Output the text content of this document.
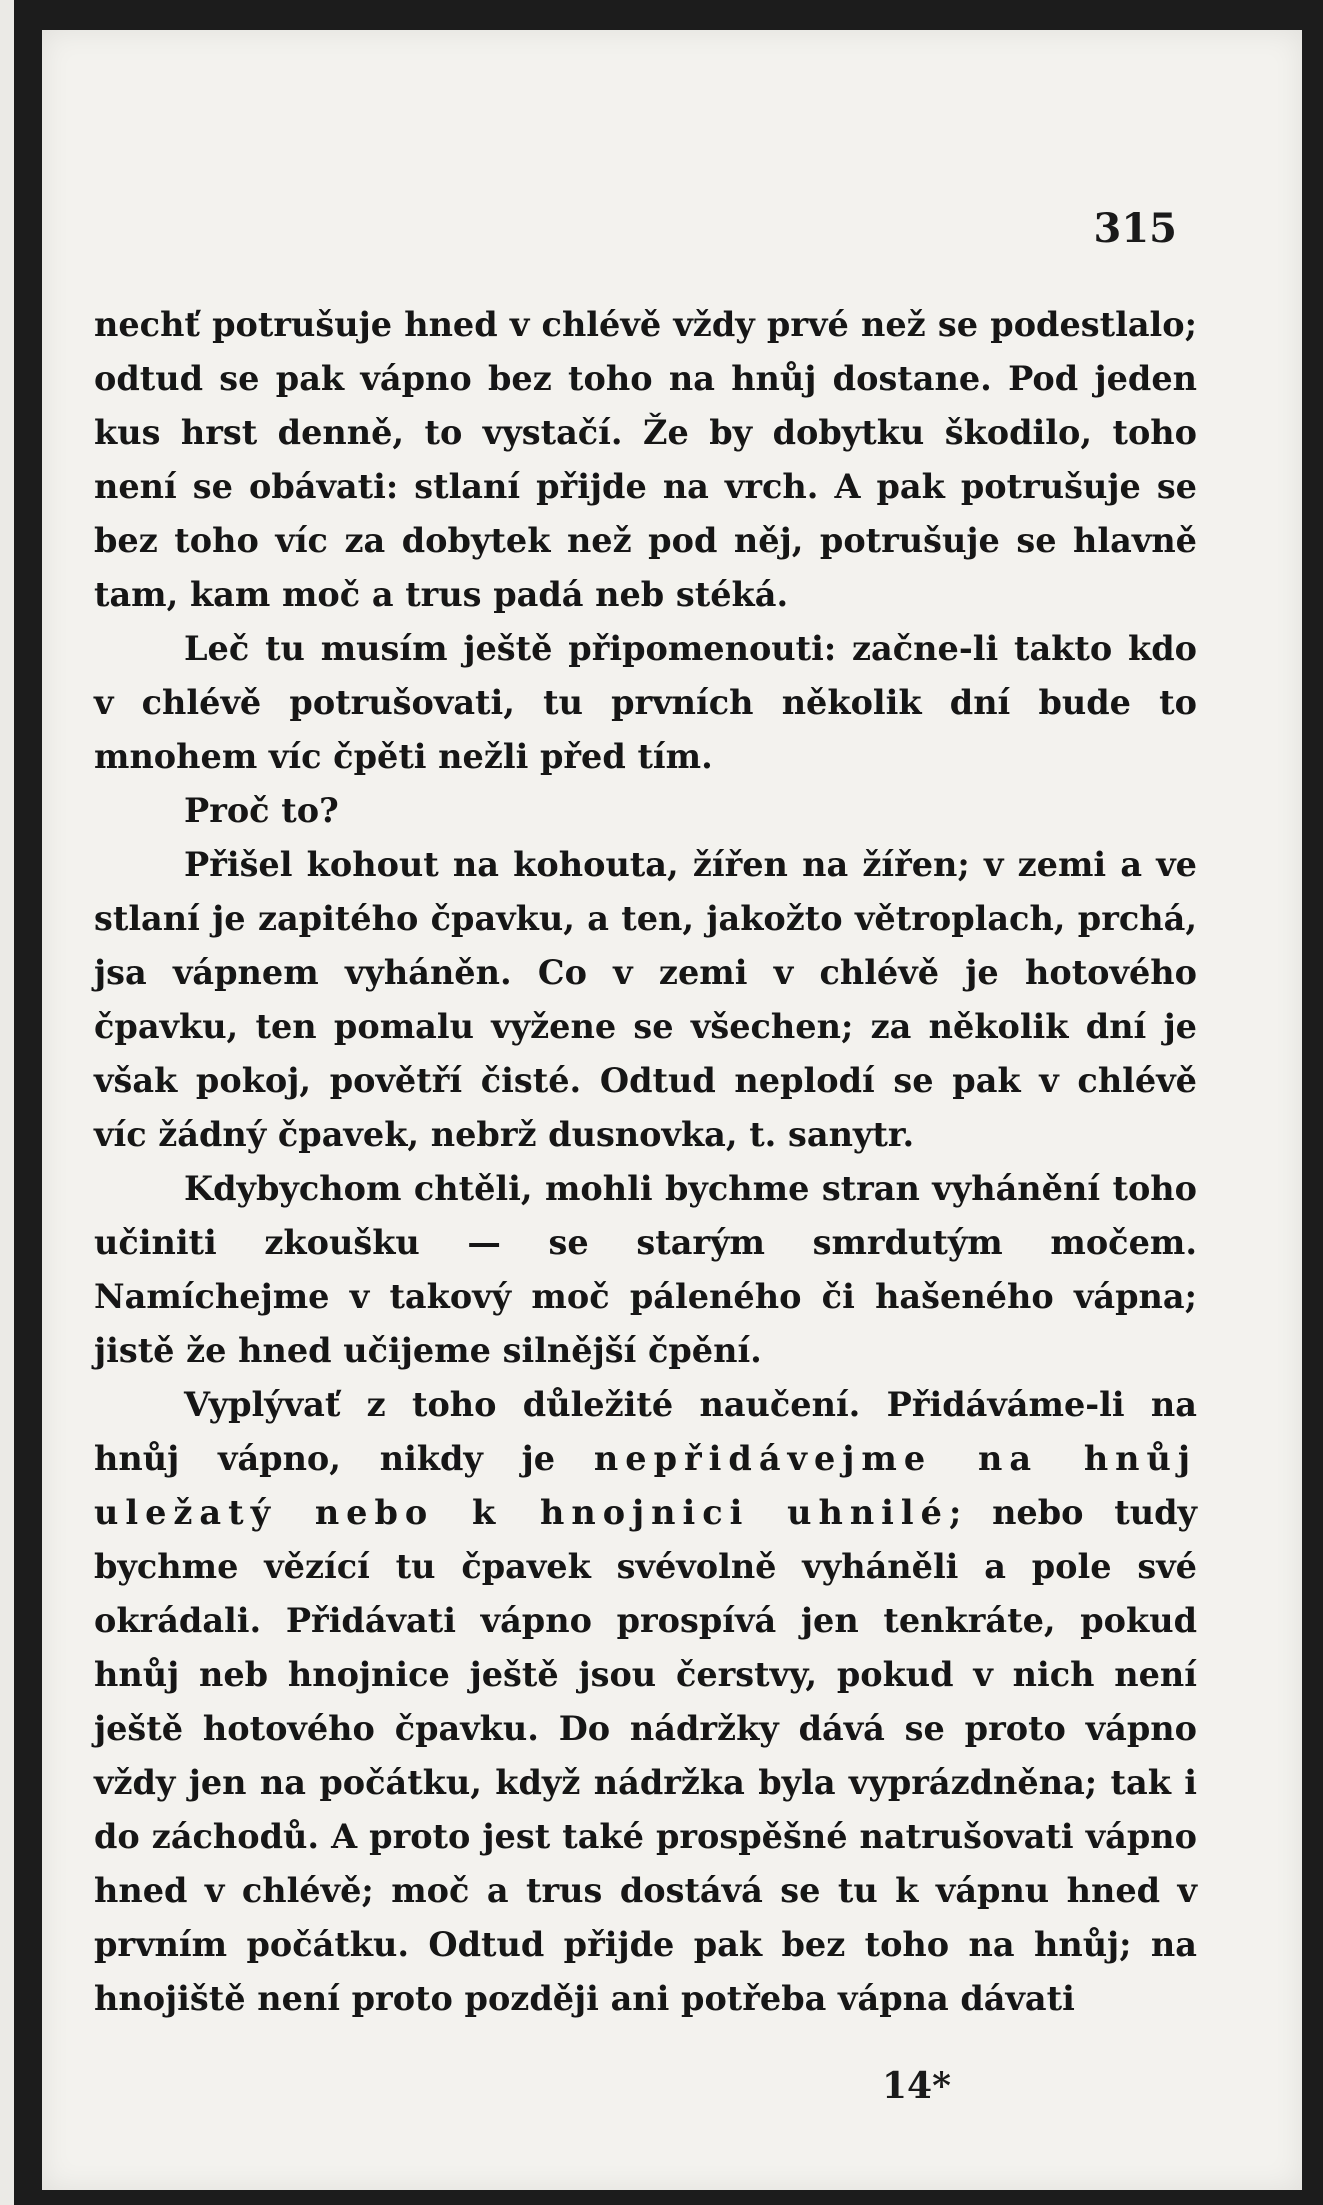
315

nechť potrušuje hned v chlévě vždy prvé než se podestlalo; odtud se pak vápno bez toho na hnůj dostane. Pod jeden kus hrst denně, to vystačí. Že by dobytku škodilo, toho není se obávati: stlaní přijde na vrch. A pak potrušuje se bez toho víc za dobytek než pod něj, potrušuje se hlavně tam, kam moč a trus padá neb stéká.

Leč tu musím ještě připomenouti: začne-li takto kdo v chlévě potrušovati, tu prvních několik dní bude to mnohem víc čpěti nežli před tím.

Proč to?

Přišel kohout na kohouta, žířen na žířen; v zemi a ve stlaní je zapitého čpavku, a ten, jakožto větroplach, prchá, jsa vápnem vyháněn. Co v zemi v chlévě je hotového čpavku, ten pomalu vyžene se všechen; za několik dní je však pokoj, povětří čisté. Odtud neplodí se pak v chlévě víc žádný čpavek, nebrž dusnovka, t. sanytr.

Kdybychom chtěli, mohli bychme stran vyhánění toho učiniti zkoušku — se starým smrdutým močem. Namíchejme v takový moč páleného či hašeného vápna; jistě že hned učijeme silnější čpění.

Vyplývať z toho důležité naučení. Přidáváme-li na hnůj vápno, nikdy je nepřidávejme na hnůj uležatý nebo k hnojnici uhnilé; nebo tudy bychme vězící tu čpavek svévolně vyháněli a pole své okrádali. Přidávati vápno prospívá jen tenkráte, pokud hnůj neb hnojnice ještě jsou čerstvy, pokud v nich není ještě hotového čpavku. Do nádržky dává se proto vápno vždy jen na počátku, když nádržka byla vyprázdněna; tak i do záchodů. A proto jest také prospěšné natrušovati vápno hned v chlévě; moč a trus dostává se tu k vápnu hned v prvním počátku. Odtud přijde pak bez toho na hnůj; na hnojiště není proto později ani potřeba vápna dávati

14*
